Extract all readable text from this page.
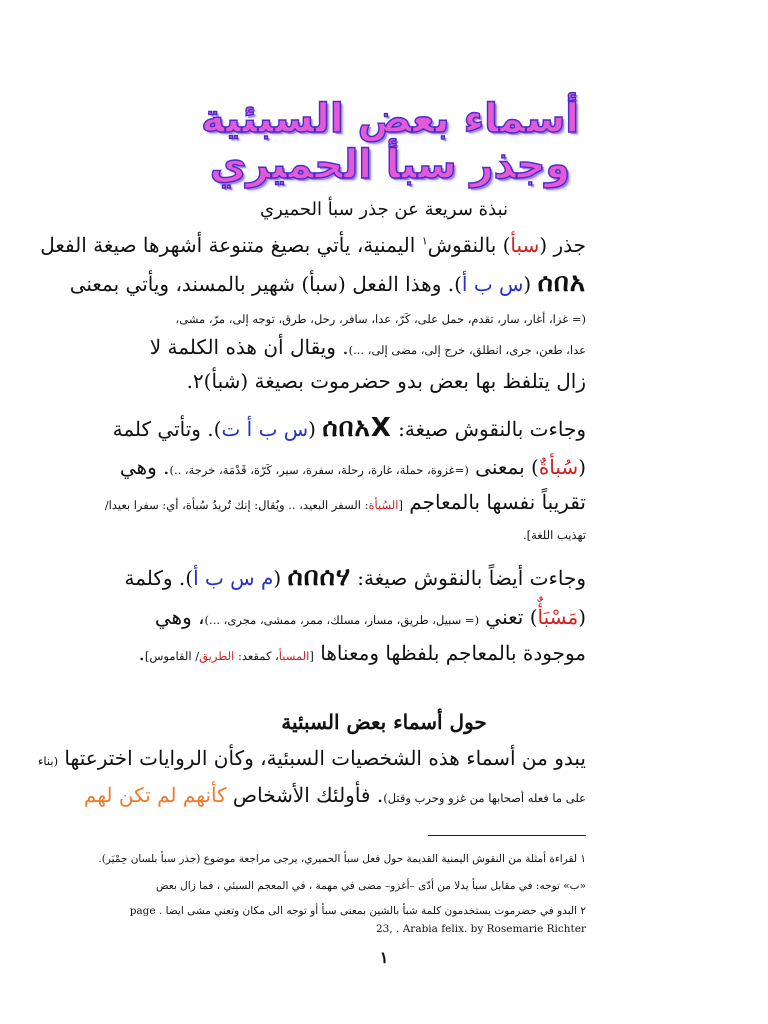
أسماء بعض السبئية وجذر سبأ الحميري
نبذة سريعة عن جذر سبأ الحميري
جذر (سبأ) بالنقوش$^١$ اليمنية، يأتي بصيغ متنوعة أشهرها صيغة الفعل
ሰበአ (س ب أ). وهذا الفعل (سبأ) شهير بالمسند، ويأتي بمعنى
(= غزا، أغار، سار، تقدم، حمل على، كَرّ، عدا، سافر، رحل، طرق، توجه إلى، مرّ، مشى،
عدا، طعن، جرى، انطلق، خرج إلى، مضى إلى، ...). ويقال أن هذه الكلمة لا
زال يتلفظ بها بعض بدو حضرموت بصيغة (شبأ)٢.
وجاءت بالنقوش صيغة: ሰበአX (س ب أ ت). وتأتي كلمة
(سُبأةٌ) بمعنى (=غزوة، حملة، غارة، رحلة، سفرة، سير، كَرّة، قَدْمَة، خرجة، ..). وهي
تقريباً نفسها بالمعاجم [السُبأة: السفر البعيد، .. ويُقال: إنك تُريدُ سُبأة، أي: سفرا بعيدا/
تهذيب اللغة].
وجاءت أيضاً بالنقوش صيغة: ሰበሰሃ (م س ب أ). وكلمة
(مَسْبَأٌ) تعني (= سبيل، طريق، مسار، مسلك، ممر، ممشى، مجرى، ...)، وهي
موجودة بالمعاجم بلفظها ومعناها [المسبأ، كمقعد: الطريق/ القاموس].
حول أسماء بعض السبئية
يبدو من أسماء هذه الشخصيات السبئية، وكأن الروايات اخترعتها (بناء
على ما فعله أصحابها من غزو وحرب وقتل). فأولئك الأشخاص كأنهم لم تكن لهم
١ لقراءة أمثلة من النقوش اليمنية القديمة حول فعل سبأ الحميري، يرجى مراجعة موضوع (جذر سبأ بلسان حِمْيَر).
«ب» توجه: في مقابل سبأ يدلا من أدّى –أغزو– مضى في مهمة ، في المعجم السبئي ، فما زال بعض
٢ البدو في حضرموت يستخدمون كلمة شبأ بالشين بمعنى سبأ أو توجه الى مكان وتعني مشى ايضا . page
23, . Arabia felix. by Rosemarie Richter
١
